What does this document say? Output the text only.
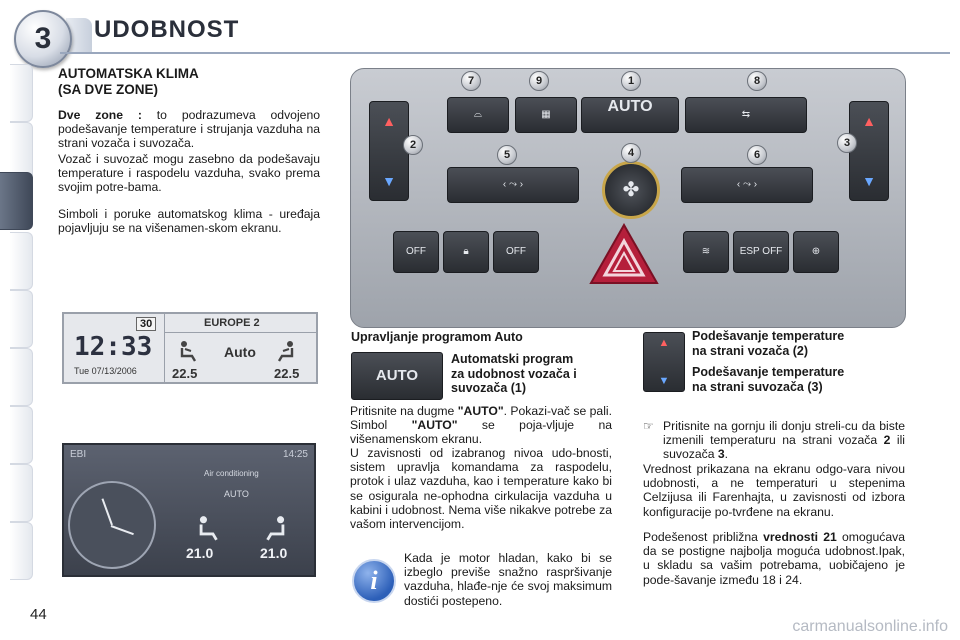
3	UDOBNOST
AUTOMATSKA KLIMA
(SA DVE ZONE)
Dve zone : to podrazumeva odvojeno podešavanje temperature i strujanja vazduha na strani vozača i suvozača.
Vozač i suvozač mogu zasebno da podešavaju temperature i raspodelu vazduha, svako prema svojim potre-bama.
Simboli i poruke automatskog klima - uređaja pojavljuju se na višenamen-skom ekranu.
30	EUROPE 2
12:33
Tue 07/13/2006
Auto
22.5	22.5
EBI	14:25
Air conditioning
AUTO
21.0	21.0
▲
▼
▲
▼
⌓	▦	AUTO	⇆
‹ ⤳ ›	✤	‹ ⤳ ›
OFF	🔒︎	OFF	≋	ESP OFF	⊕
7	9	1	8
2
5	4	6
3
Upravljanje programom Auto
AUTO
Automatski program
za udobnost vozača i
suvozača (1)
Pritisnite na dugme "AUTO". Pokazi-vač se pali. Simbol "AUTO" se poja-vljuje na višenamenskom ekranu.
U zavisnosti od izabranog nivoa udo-bnosti, sistem upravlja komandama za raspodelu, protok i ulaz vazduha, kao i temperature kako bi se osigurala ne-ophodna cirkulacija vazduha u kabini i udobnost. Nema više nikakve potrebe za vašom intervencijom.
i
Kada je motor hladan, kako bi se izbeglo previše snažno raspršivanje vazduha, hlađe-nje će svoj maksimum dostići postepeno.
▲
▼
Podešavanje temperature
na strani vozača (2)
Podešavanje temperature
na strani suvozača (3)
☞ Pritisnite na gornju ili donju streli-cu da biste izmenili temperaturu na strani vozača 2 ili suvozača 3.
Vrednost prikazana na ekranu odgo-vara nivou udobnosti, a ne temperaturi u stepenima Celzijusa ili Farenhajta, u zavisnosti od izbora konfiguracije po-tvrđene na ekranu.
Podešenost približna vrednosti 21 omogućava da se postigne najbolja moguća udobnost.Ipak, u skladu sa vašim potrebama, uobičajeno je pode-šavanje između 18 i 24.
44
carmanualsonline.info
